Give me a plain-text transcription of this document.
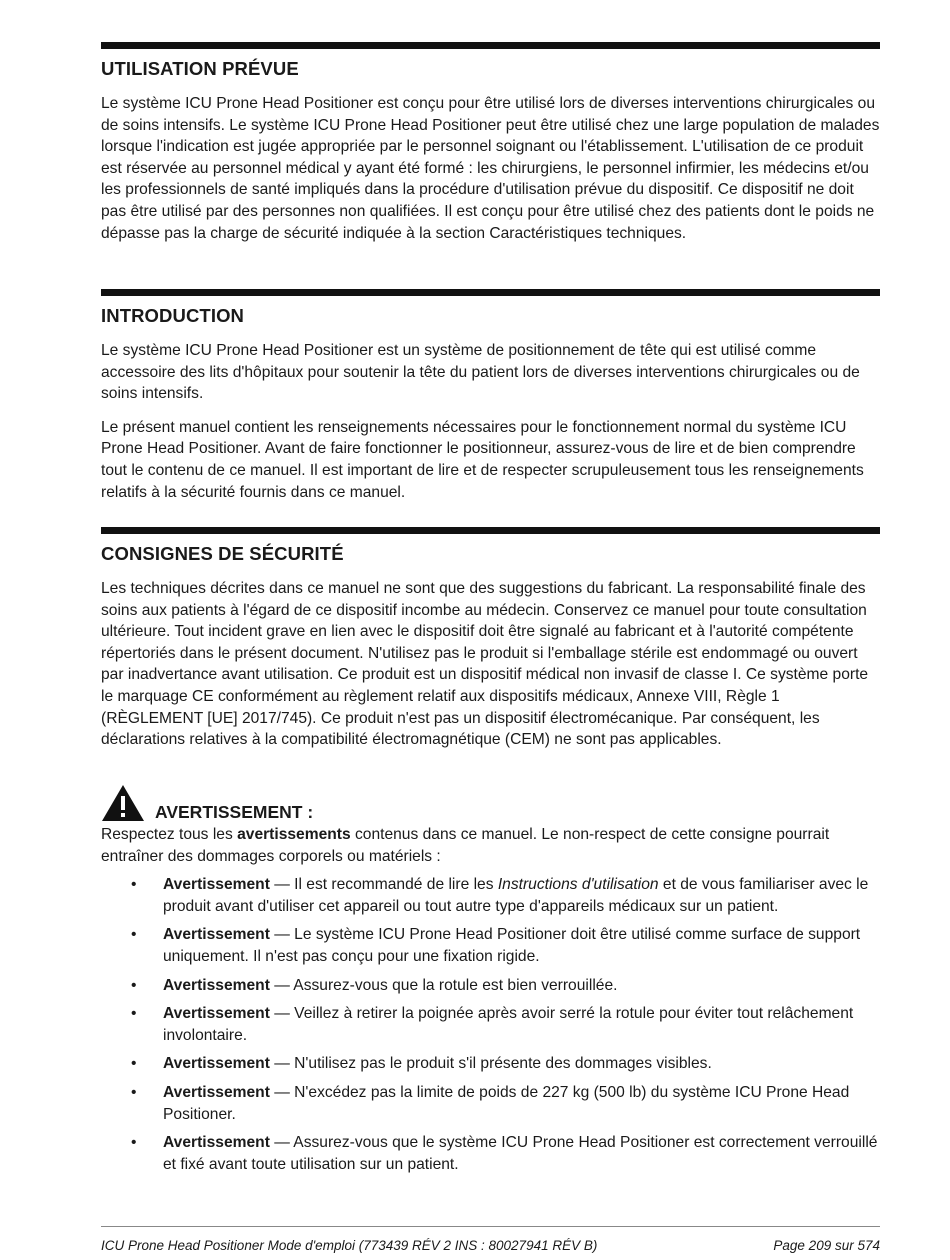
UTILISATION PRÉVUE

Le système ICU Prone Head Positioner est conçu pour être utilisé lors de diverses interventions chirurgicales ou de soins intensifs. Le système ICU Prone Head Positioner peut être utilisé chez une large population de malades lorsque l'indication est jugée appropriée par le personnel soignant ou l'établissement. L'utilisation de ce produit est réservée au personnel médical y ayant été formé : les chirurgiens, le personnel infirmier, les médecins et/ou les professionnels de santé impliqués dans la procédure d'utilisation prévue du dispositif. Ce dispositif ne doit pas être utilisé par des personnes non qualifiées. Il est conçu pour être utilisé chez des patients dont le poids ne dépasse pas la charge de sécurité indiquée à la section Caractéristiques techniques.

INTRODUCTION

Le système ICU Prone Head Positioner est un système de positionnement de tête qui est utilisé comme accessoire des lits d'hôpitaux pour soutenir la tête du patient lors de diverses interventions chirurgicales ou de soins intensifs.

Le présent manuel contient les renseignements nécessaires pour le fonctionnement normal du système ICU Prone Head Positioner. Avant de faire fonctionner le positionneur, assurez-vous de lire et de bien comprendre tout le contenu de ce manuel. Il est important de lire et de respecter scrupuleusement tous les renseignements relatifs à la sécurité fournis dans ce manuel.

CONSIGNES DE SÉCURITÉ

Les techniques décrites dans ce manuel ne sont que des suggestions du fabricant. La responsabilité finale des soins aux patients à l'égard de ce dispositif incombe au médecin. Conservez ce manuel pour toute consultation ultérieure. Tout incident grave en lien avec le dispositif doit être signalé au fabricant et à l'autorité compétente répertoriés dans le présent document. N'utilisez pas le produit si l'emballage stérile est endommagé ou ouvert par inadvertance avant utilisation. Ce produit est un dispositif médical non invasif de classe I. Ce système porte le marquage CE conformément au règlement relatif aux dispositifs médicaux, Annexe VIII, Règle 1 (RÈGLEMENT [UE] 2017/745). Ce produit n'est pas un dispositif électromécanique. Par conséquent, les déclarations relatives à la compatibilité électromagnétique (CEM) ne sont pas applicables.

AVERTISSEMENT :

Respectez tous les avertissements contenus dans ce manuel. Le non-respect de cette consigne pourrait entraîner des dommages corporels ou matériels :

• Avertissement — Il est recommandé de lire les Instructions d'utilisation et de vous familiariser avec le produit avant d'utiliser cet appareil ou tout autre type d'appareils médicaux sur un patient.
• Avertissement — Le système ICU Prone Head Positioner doit être utilisé comme surface de support uniquement. Il n'est pas conçu pour une fixation rigide.
• Avertissement — Assurez-vous que la rotule est bien verrouillée.
• Avertissement — Veillez à retirer la poignée après avoir serré la rotule pour éviter tout relâchement involontaire.
• Avertissement — N'utilisez pas le produit s'il présente des dommages visibles.
• Avertissement — N'excédez pas la limite de poids de 227 kg (500 lb) du système ICU Prone Head Positioner.
• Avertissement — Assurez-vous que le système ICU Prone Head Positioner est correctement verrouillé et fixé avant toute utilisation sur un patient.
ICU Prone Head Positioner Mode d'emploi (773439 RÉV 2 INS : 80027941 RÉV B)	Page 209 sur 574
